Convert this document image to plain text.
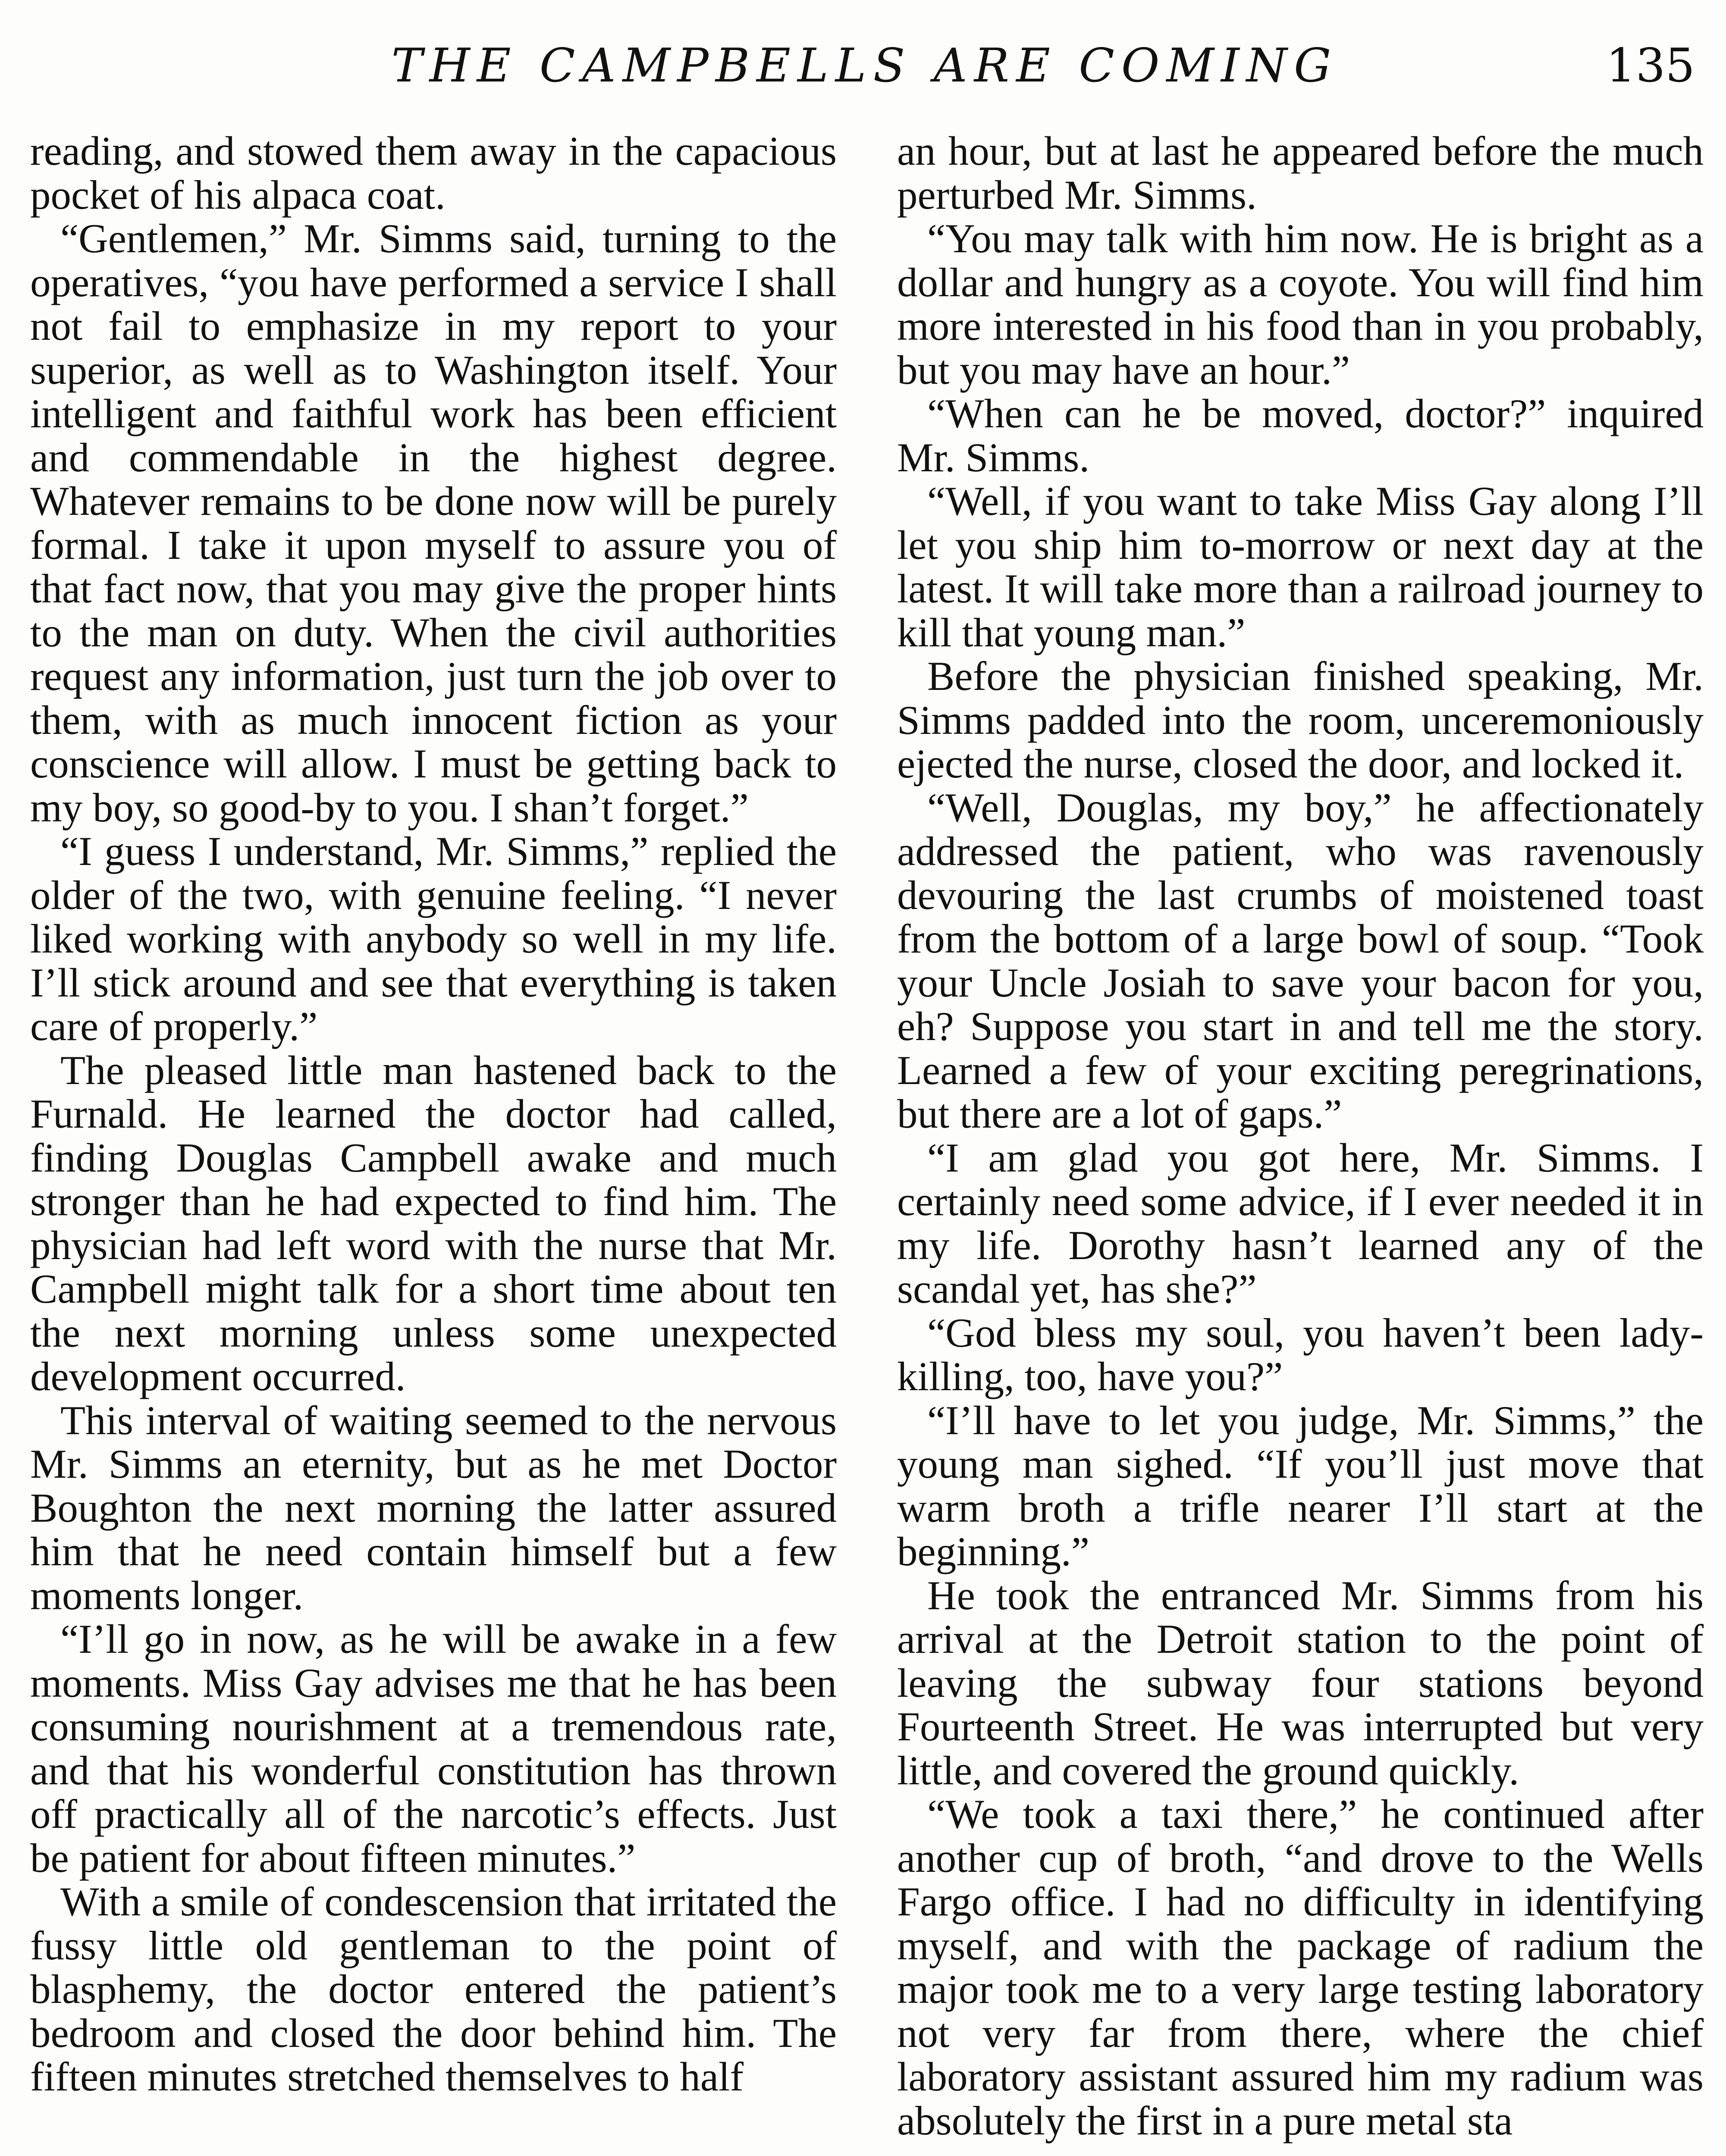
THE CAMPBELLS ARE COMING	135

reading, and stowed them away in the capacious pocket of his alpaca coat.

“Gentlemen,” Mr. Simms said, turning to the operatives, “you have performed a service I shall not fail to emphasize in my report to your superior, as well as to Washington itself. Your intelligent and faithful work has been efficient and commendable in the highest degree. Whatever remains to be done now will be purely formal. I take it upon myself to assure you of that fact now, that you may give the proper hints to the man on duty. When the civil authorities request any information, just turn the job over to them, with as much innocent fiction as your conscience will allow. I must be getting back to my boy, so good-by to you. I shan’t forget.”

“I guess I understand, Mr. Simms,” replied the older of the two, with genuine feeling. “I never liked working with anybody so well in my life. I’ll stick around and see that everything is taken care of properly.”

The pleased little man hastened back to the Furnald. He learned the doctor had called, finding Douglas Campbell awake and much stronger than he had expected to find him. The physician had left word with the nurse that Mr. Campbell might talk for a short time about ten the next morning unless some unexpected development occurred.

This interval of waiting seemed to the nervous Mr. Simms an eternity, but as he met Doctor Boughton the next morning the latter assured him that he need contain himself but a few moments longer.

“I’ll go in now, as he will be awake in a few moments. Miss Gay advises me that he has been consuming nourishment at a tremendous rate, and that his wonderful constitution has thrown off practically all of the narcotic’s effects. Just be patient for about fifteen minutes.”

With a smile of condescension that irritated the fussy little old gentleman to the point of blasphemy, the doctor entered the patient’s bedroom and closed the door behind him. The fifteen minutes stretched themselves to half

an hour, but at last he appeared before the much perturbed Mr. Simms.

“You may talk with him now. He is bright as a dollar and hungry as a coyote. You will find him more interested in his food than in you probably, but you may have an hour.”

“When can he be moved, doctor?” inquired Mr. Simms.

“Well, if you want to take Miss Gay along I’ll let you ship him to-morrow or next day at the latest. It will take more than a railroad journey to kill that young man.”

Before the physician finished speaking, Mr. Simms padded into the room, unceremoniously ejected the nurse, closed the door, and locked it.

“Well, Douglas, my boy,” he affectionately addressed the patient, who was ravenously devouring the last crumbs of moistened toast from the bottom of a large bowl of soup. “Took your Uncle Josiah to save your bacon for you, eh? Suppose you start in and tell me the story. Learned a few of your exciting peregrinations, but there are a lot of gaps.”

“I am glad you got here, Mr. Simms. I certainly need some advice, if I ever needed it in my life. Dorothy hasn’t learned any of the scandal yet, has she?”

“God bless my soul, you haven’t been lady-killing, too, have you?”

“I’ll have to let you judge, Mr. Simms,” the young man sighed. “If you’ll just move that warm broth a trifle nearer I’ll start at the beginning.”

He took the entranced Mr. Simms from his arrival at the Detroit station to the point of leaving the subway four stations beyond Fourteenth Street. He was interrupted but very little, and covered the ground quickly.

“We took a taxi there,” he continued after another cup of broth, “and drove to the Wells Fargo office. I had no difficulty in identifying myself, and with the package of radium the major took me to a very large testing laboratory not very far from there, where the chief laboratory assistant assured him my radium was absolutely the first in a pure metal sta
